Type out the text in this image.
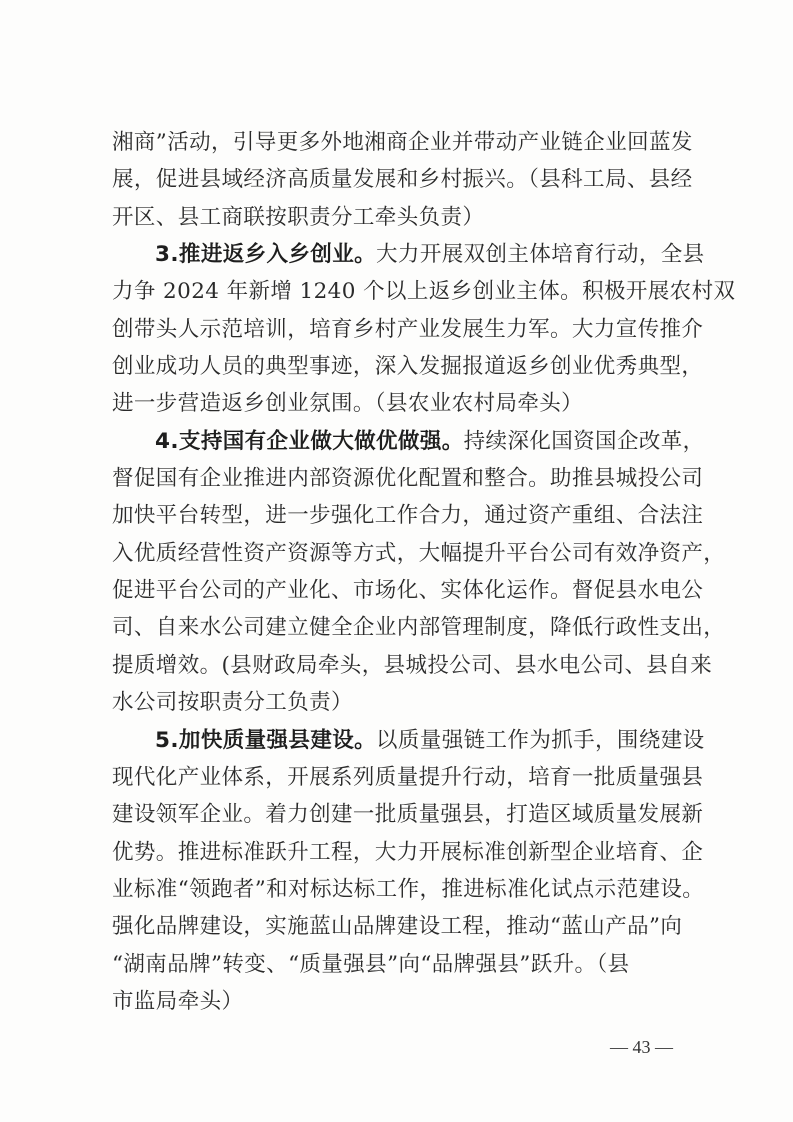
湘商”活动，引导更多外地湘商企业并带动产业链企业回蓝发
展，促进县域经济高质量发展和乡村振兴。（县科工局、县经
开区、县工商联按职责分工牵头负责）
3.推进返乡入乡创业。大力开展双创主体培育行动，全县
力争 2024 年新增 1240 个以上返乡创业主体。积极开展农村双
创带头人示范培训，培育乡村产业发展生力军。大力宣传推介
创业成功人员的典型事迹，深入发掘报道返乡创业优秀典型，
进一步营造返乡创业氛围。（县农业农村局牵头）
4.支持国有企业做大做优做强。持续深化国资国企改革，
督促国有企业推进内部资源优化配置和整合。助推县城投公司
加快平台转型，进一步强化工作合力，通过资产重组、合法注
入优质经营性资产资源等方式，大幅提升平台公司有效净资产，
促进平台公司的产业化、市场化、实体化运作。督促县水电公
司、自来水公司建立健全企业内部管理制度，降低行政性支出，
提质增效。(县财政局牵头，县城投公司、县水电公司、县自来
水公司按职责分工负责）
5.加快质量强县建设。以质量强链工作为抓手，围绕建设
现代化产业体系，开展系列质量提升行动，培育一批质量强县
建设领军企业。着力创建一批质量强县，打造区域质量发展新
优势。推进标准跃升工程，大力开展标准创新型企业培育、企
业标准“领跑者”和对标达标工作，推进标准化试点示范建设。
强化品牌建设，实施蓝山品牌建设工程，推动“蓝山产品”向
“湖南品牌”转变、“质量强县”向“品牌强县”跃升。（县
市监局牵头）
— 43 —
